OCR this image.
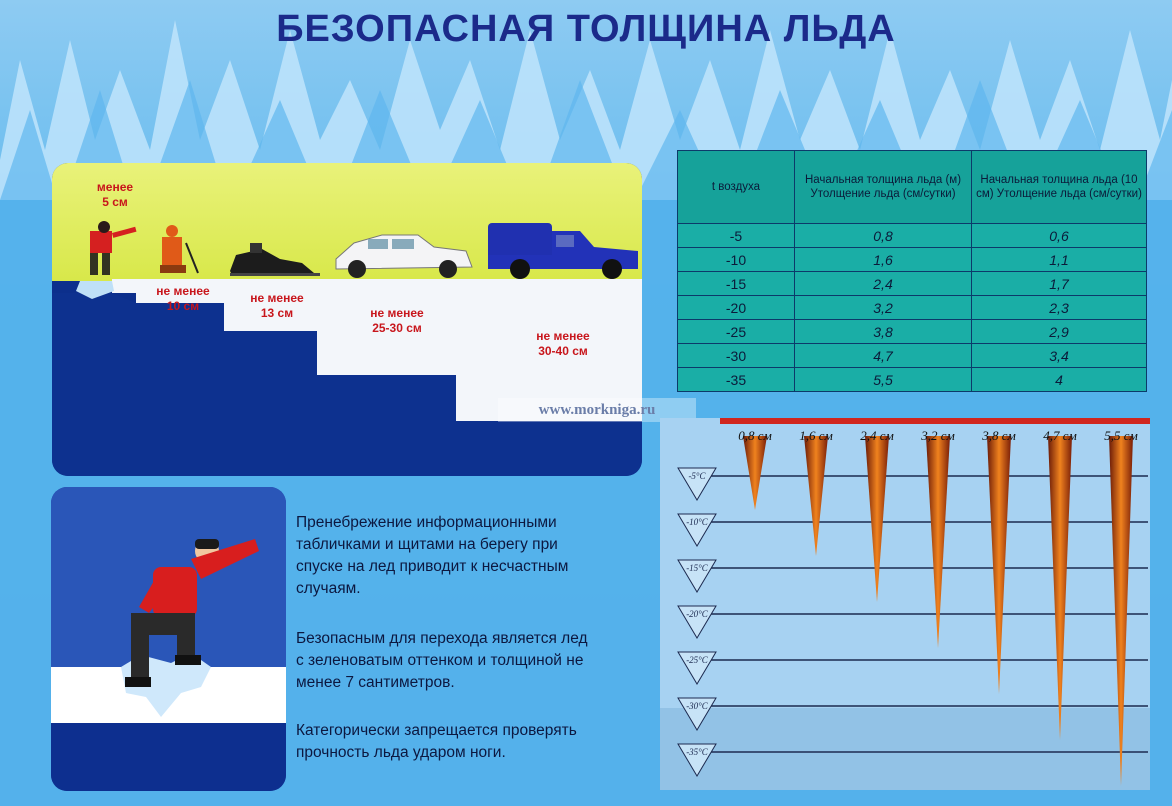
БЕЗОПАСНАЯ ТОЛЩИНА ЛЬДА
менее
5 см
не менее
10 см
не менее
13 см	не менее
25-30 см
не менее
30-40 см
t воздуха	Начальная толщина льда (м) Утолщение льда (см/сутки)	Начальная толщина льда (10 см) Утолщение льда (см/сутки)
-5	0,8	0,6
-10	1,6	1,1
-15	2,4	1,7
-20	3,2	2,3
-25	3,8	2,9
-30	4,7	3,4
-35	5,5	4
www.morkniga.ru
-5°C
-10°C
-15°C
-20°C
-25°C
-30°C
-35°C
0,8 см 1,6 см 2,4 см 3,2 см 3,8 см 4,7 см 5,5 см
Пренебрежение информационными
табличками и щитами на берегу при
спуске на лед приводит к несчастным
случаям.
Безопасным для перехода является лед
с зеленоватым оттенком и толщиной не
менее 7 сантиметров.
Категорически запрещается проверять
прочность льда ударом ноги.
